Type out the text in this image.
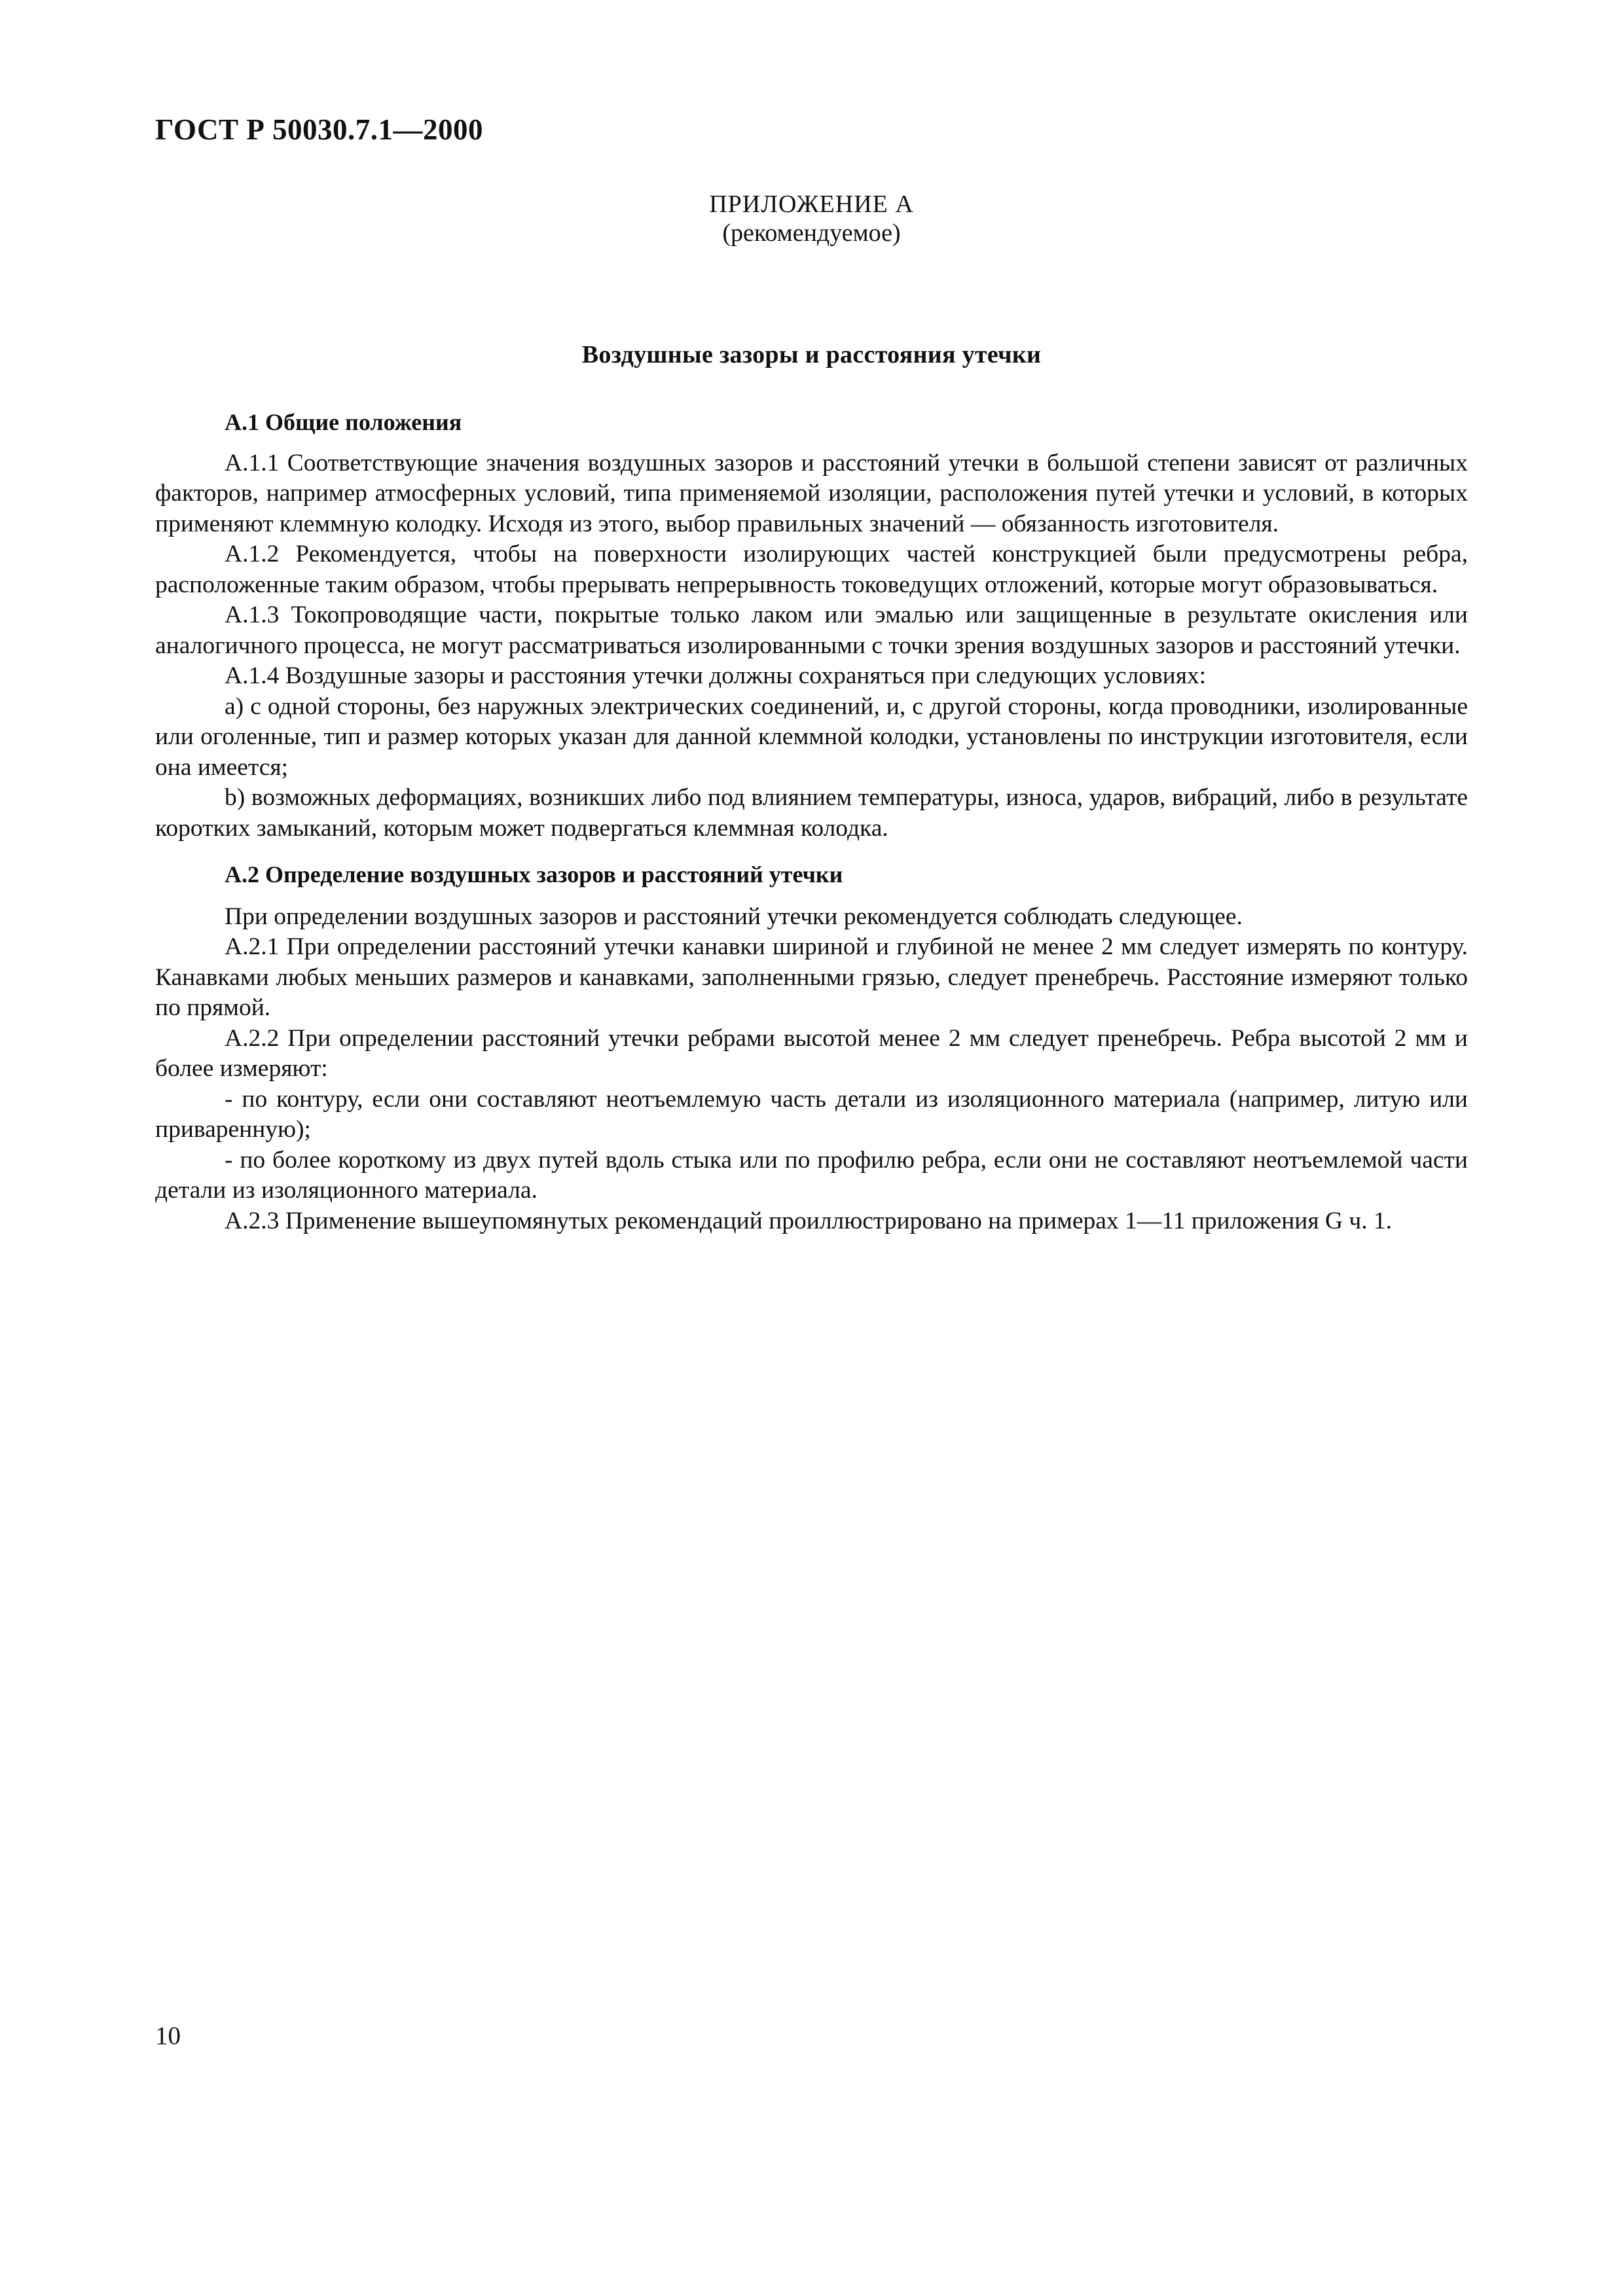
ГОСТ Р 50030.7.1—2000
ПРИЛОЖЕНИЕ А
(рекомендуемое)
Воздушные зазоры и расстояния утечки

А.1 Общие положения

А.1.1 Соответствующие значения воздушных зазоров и расстояний утечки в большой степени зависят от различных факторов, например атмосферных условий, типа применяемой изоляции, расположения путей утечки и условий, в которых применяют клеммную колодку. Исходя из этого, выбор правильных значений — обязанность изготовителя.

А.1.2 Рекомендуется, чтобы на поверхности изолирующих частей конструкцией были предусмотрены ребра, расположенные таким образом, чтобы прерывать непрерывность токоведущих отложений, которые могут образовываться.

А.1.3 Токопроводящие части, покрытые только лаком или эмалью или защищенные в результате окисления или аналогичного процесса, не могут рассматриваться изолированными с точки зрения воздушных зазоров и расстояний утечки.

А.1.4 Воздушные зазоры и расстояния утечки должны сохраняться при следующих условиях:

а) с одной стороны, без наружных электрических соединений, и, с другой стороны, когда проводники, изолированные или оголенные, тип и размер которых указан для данной клеммной колодки, установлены по инструкции изготовителя, если она имеется;

b) возможных деформациях, возникших либо под влиянием температуры, износа, ударов, вибраций, либо в результате коротких замыканий, которым может подвергаться клеммная колодка.

А.2 Определение воздушных зазоров и расстояний утечки

При определении воздушных зазоров и расстояний утечки рекомендуется соблюдать следующее.

А.2.1 При определении расстояний утечки канавки шириной и глубиной не менее 2 мм следует измерять по контуру. Канавками любых меньших размеров и канавками, заполненными грязью, следует пренебречь. Расстояние измеряют только по прямой.

А.2.2 При определении расстояний утечки ребрами высотой менее 2 мм следует пренебречь. Ребра высотой 2 мм и более измеряют:

- по контуру, если они составляют неотъемлемую часть детали из изоляционного материала (например, литую или приваренную);

- по более короткому из двух путей вдоль стыка или по профилю ребра, если они не составляют неотъемлемой части детали из изоляционного материала.

А.2.3 Применение вышеупомянутых рекомендаций проиллюстрировано на примерах 1—11 приложения G ч. 1.

10
